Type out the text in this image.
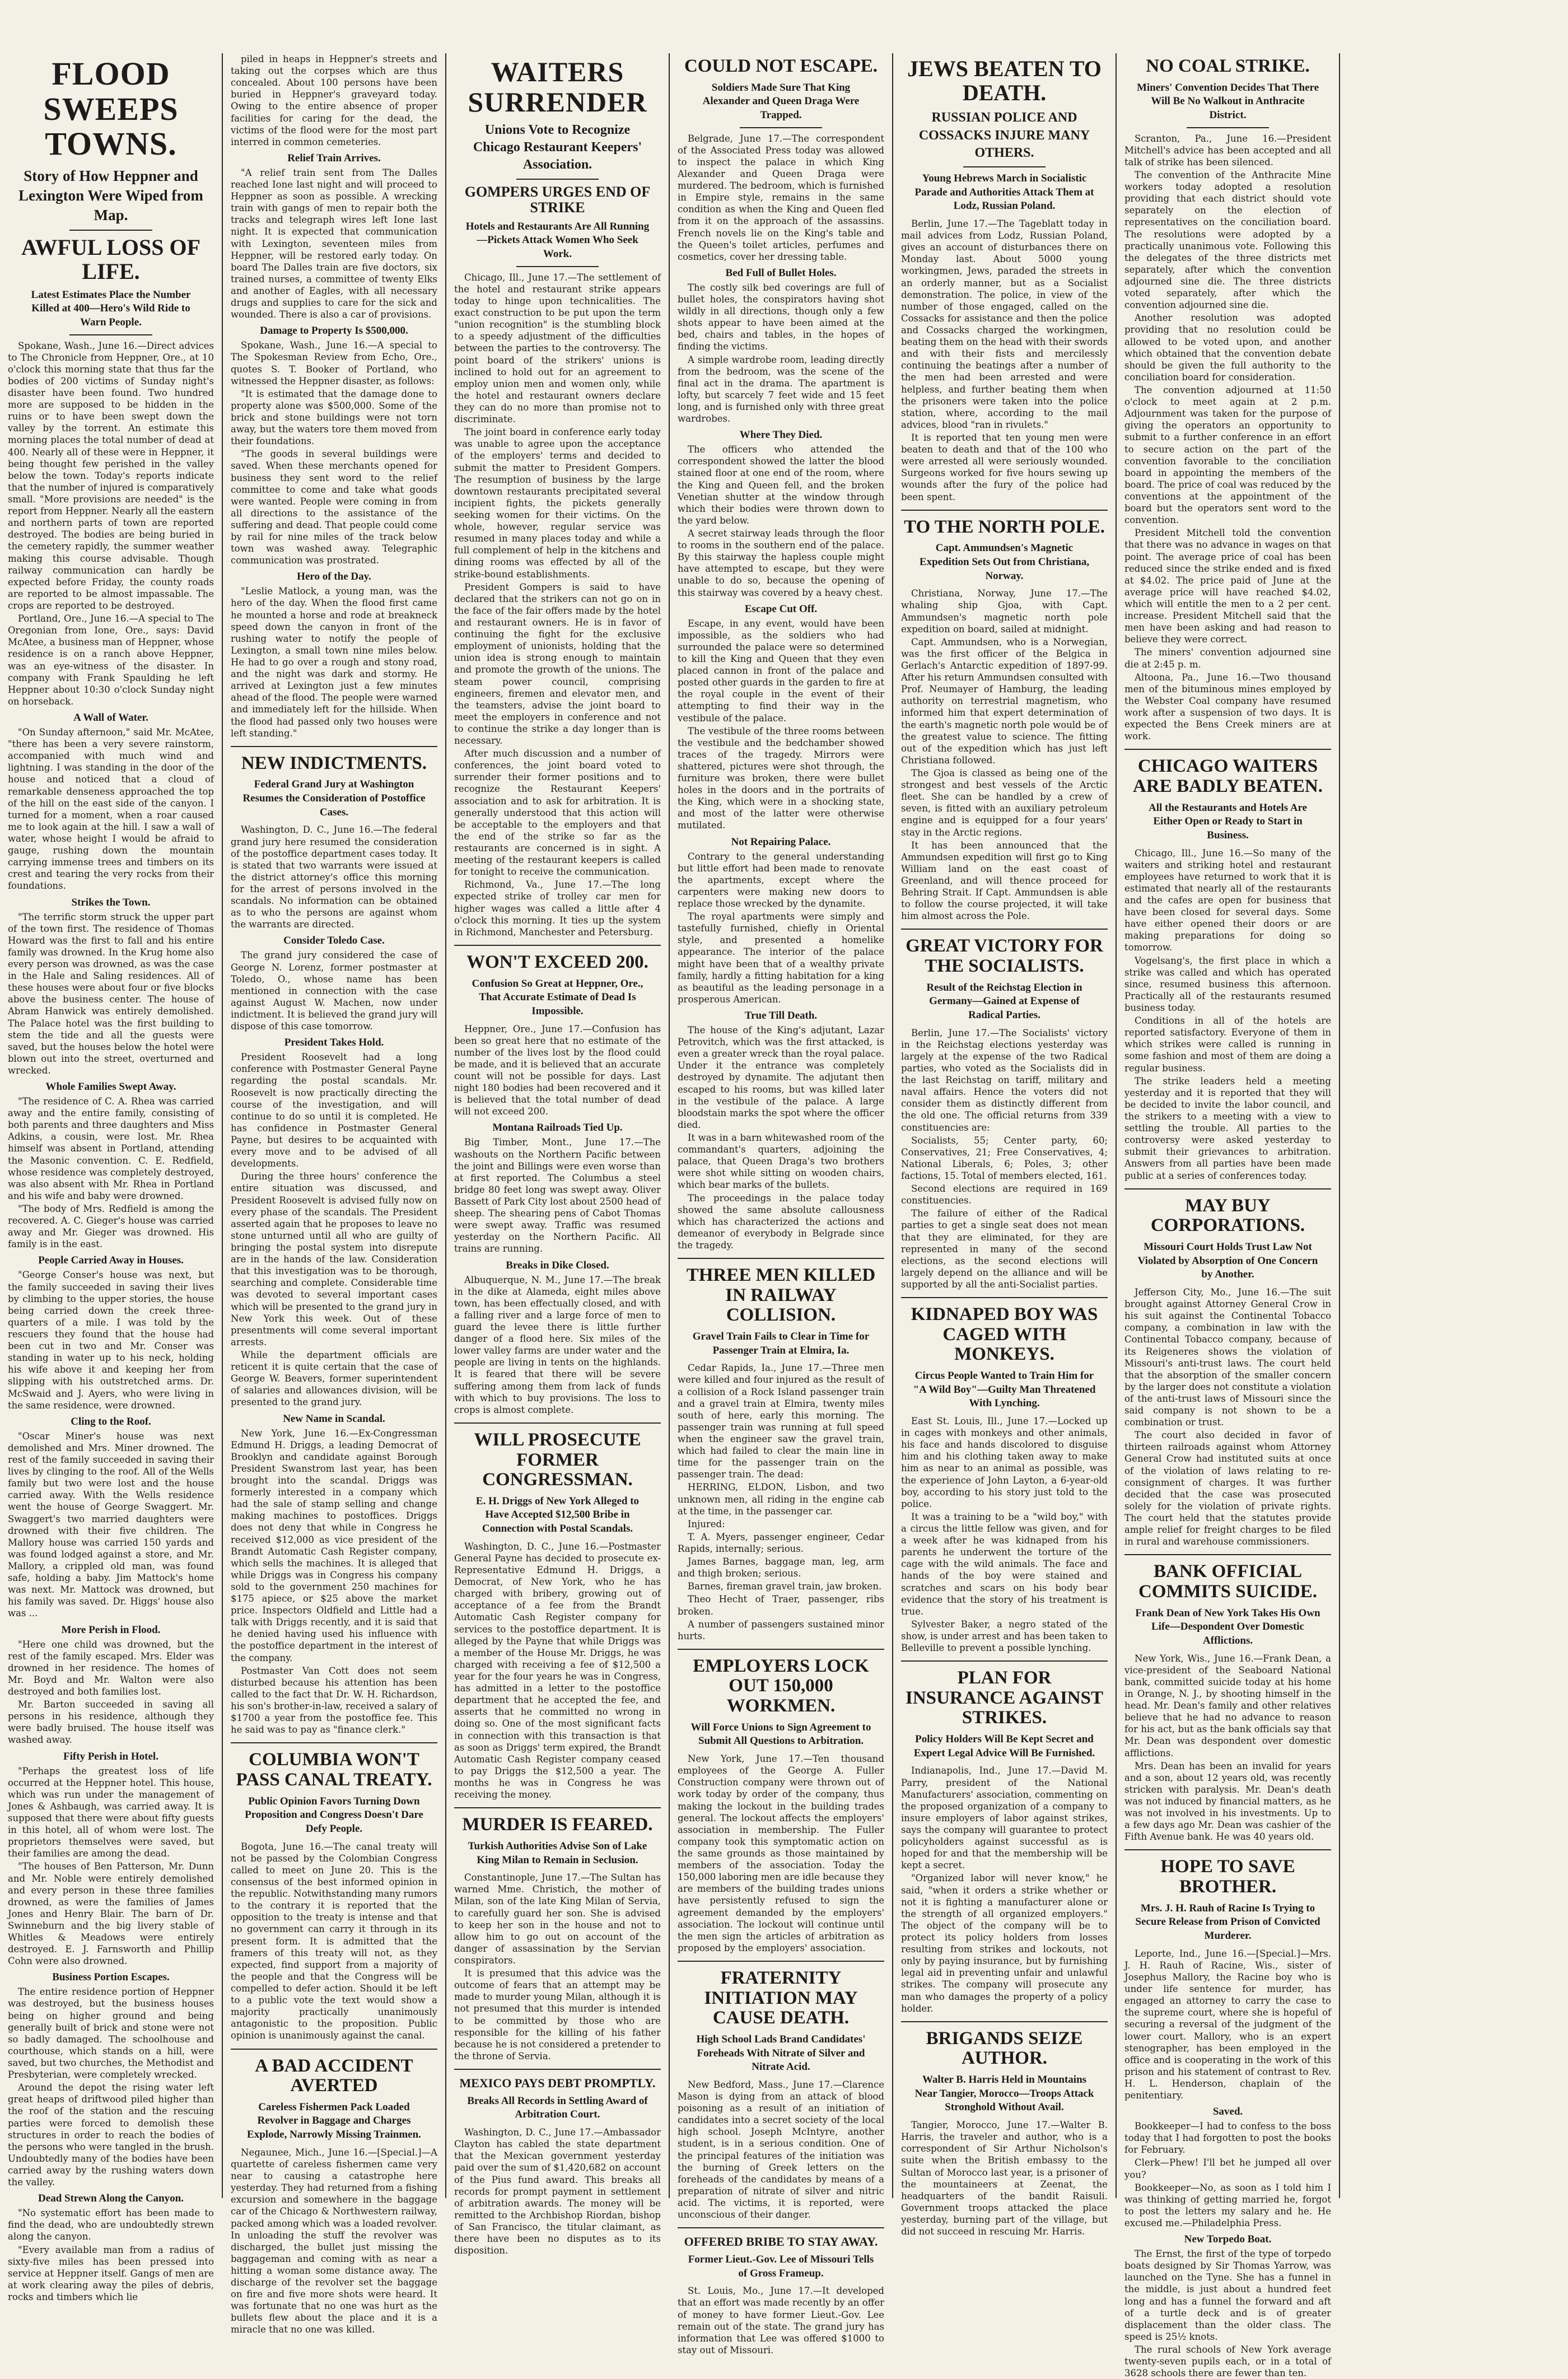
FLOOD SWEEPS TOWNS.
Story of How Heppner and Lexington Were Wiped from Map.
AWFUL LOSS OF LIFE.
Latest Estimates Place the Number Killed at 400—Hero's Wild Ride to Warn People.

Spokane, Wash., June 16.—Direct advices to The Chronicle from Heppner, Ore., at 10 o'clock this morning state that thus far the bodies of 200 victims of Sunday night's disaster have been found. Two hundred more are supposed to be hidden in the ruins or to have been swept down the valley by the torrent. An estimate this morning places the total number of dead at 400. Nearly all of these were in Heppner, it being thought few perished in the valley below the town. Today's reports indicate that the number of injured is comparatively small. "More provisions are needed" is the report from Heppner. Nearly all the eastern and northern parts of town are reported destroyed. The bodies are being buried in the cemetery rapidly, the summer weather making this course advisable. Though railway communication can hardly be expected before Friday, the county roads are reported to be almost impassable. The crops are reported to be destroyed.

Portland, Ore., June 16.—A special to The Oregonian from Ione, Ore., says: David McAtee, a business man of Heppner, whose residence is on a ranch above Heppner, was an eye-witness of the disaster. In company with Frank Spaulding he left Heppner about 10:30 o'clock Sunday night on horseback.

A Wall of Water.

"On Sunday afternoon," said Mr. McAtee, "there has been a very severe rainstorm, accompanied with much wind and lightning. I was standing in the door of the house and noticed that a cloud of remarkable denseness approached the top of the hill on the east side of the canyon. I turned for a moment, when a roar caused me to look again at the hill. I saw a wall of water, whose height I would be afraid to gauge, rushing down the mountain carrying immense trees and timbers on its crest and tearing the very rocks from their foundations.

Strikes the Town.

"The terrific storm struck the upper part of the town first. The residence of Thomas Howard was the first to fall and his entire family was drowned. In the Krug home also every person was drowned, as was the case in the Hale and Saling residences. All of these houses were about four or five blocks above the business center. The house of Abram Hanwick was entirely demolished. The Palace hotel was the first building to stem the tide and all the guests were saved, but the houses below the hotel were blown out into the street, overturned and wrecked.

Whole Families Swept Away.

"The residence of C. A. Rhea was carried away and the entire family, consisting of both parents and three daughters and Miss Adkins, a cousin, were lost. Mr. Rhea himself was absent in Portland, attending the Masonic convention. C. E. Redfield, whose residence was completely destroyed, was also absent with Mr. Rhea in Portland and his wife and baby were drowned.

"The body of Mrs. Redfield is among the recovered. A. C. Gieger's house was carried away and Mr. Gieger was drowned. His family is in the east.

People Carried Away in Houses.

"George Conser's house was next, but the family succeeded in saving their lives by climbing to the upper stories, the house being carried down the creek three-quarters of a mile. I was told by the rescuers they found that the house had been cut in two and Mr. Conser was standing in water up to his neck, holding his wife above it and keeping her from slipping with his outstretched arms. Dr. McSwaid and J. Ayers, who were living in the same residence, were drowned.

Cling to the Roof.

"Oscar Miner's house was next demolished and Mrs. Miner drowned. The rest of the family succeeded in saving their lives by clinging to the roof. All of the Wells family but two were lost and the house carried away. With the Wells residence went the house of George Swaggert. Mr. Swaggert's two married daughters were drowned with their five children. The Mallory house was carried 150 yards and was found lodged against a store, and Mr. Mallory, a crippled old man, was found safe, holding a baby. Jim Mattock's home was next. Mr. Mattock was drowned, but his family was saved. Dr. Higgs' house also was ...

More Perish in Flood.

"Here one child was drowned, but the rest of the family escaped. Mrs. Elder was drowned in her residence. The homes of Mr. Boyd and Mr. Walton were also destroyed and both families lost.

Mr. Barton succeeded in saving all persons in his residence, although they were badly bruised. The house itself was washed away.

Fifty Perish in Hotel.

"Perhaps the greatest loss of life occurred at the Heppner hotel. This house, which was run under the management of Jones & Ashbaugh, was carried away. It is supposed that there were about fifty guests in this hotel, all of whom were lost. The proprietors themselves were saved, but their families are among the dead.

"The houses of Ben Patterson, Mr. Dunn and Mr. Noble were entirely demolished and every person in these three families drowned, as were the families of James Jones and Henry Blair. The barn of Dr. Swinneburn and the big livery stable of Whitles & Meadows were entirely destroyed. E. J. Farnsworth and Phillip Cohn were also drowned.

Business Portion Escapes.

The entire residence portion of Heppner was destroyed, but the business houses being on higher ground and being generally built of brick and stone were not so badly damaged. The schoolhouse and courthouse, which stands on a hill, were saved, but two churches, the Methodist and Presbyterian, were completely wrecked.

Around the depot the rising water left great heaps of driftwood piled higher than the roof of the station and the rescuing parties were forced to demolish these structures in order to reach the bodies of the persons who were tangled in the brush. Undoubtedly many of the bodies have been carried away by the rushing waters down the valley.

Dead Strewn Along the Canyon.

"No systematic effort has been made to find the dead, who are undoubtedly strewn along the canyon.

"Every available man from a radius of sixty-five miles has been pressed into service at Heppner itself. Gangs of men are at work clearing away the piles of debris, rocks and timbers which lie

piled in heaps in Heppner's streets and taking out the corpses which are thus concealed. About 100 persons have been buried in Heppner's graveyard today. Owing to the entire absence of proper facilities for caring for the dead, the victims of the flood were for the most part interred in common cemeteries.

Relief Train Arrives.

"A relief train sent from The Dalles reached Ione last night and will proceed to Heppner as soon as possible. A wrecking train with gangs of men to repair both the tracks and telegraph wires left Ione last night. It is expected that communication with Lexington, seventeen miles from Heppner, will be restored early today. On board The Dalles train are five doctors, six trained nurses, a committee of twenty Elks and another of Eagles, with all necessary drugs and supplies to care for the sick and wounded. There is also a car of provisions.

Damage to Property Is $500,000.

Spokane, Wash., June 16.—A special to The Spokesman Review from Echo, Ore., quotes S. T. Booker of Portland, who witnessed the Heppner disaster, as follows:

"It is estimated that the damage done to property alone was $500,000. Some of the brick and stone buildings were not torn away, but the waters tore them moved from their foundations.

"The goods in several buildings were saved. When these merchants opened for business they sent word to the relief committee to come and take what goods were wanted. People were coming in from all directions to the assistance of the suffering and dead. That people could come by rail for nine miles of the track below town was washed away. Telegraphic communication was prostrated.

Hero of the Day.

"Leslie Matlock, a young man, was the hero of the day. When the flood first came he mounted a horse and rode at breakneck speed down the canyon in front of the rushing water to notify the people of Lexington, a small town nine miles below. He had to go over a rough and stony road, and the night was dark and stormy. He arrived at Lexington just a few minutes ahead of the flood. The people were warned and immediately left for the hillside. When the flood had passed only two houses were left standing."

NEW INDICTMENTS.
Federal Grand Jury at Washington Resumes the Consideration of Postoffice Cases.

Washington, D. C., June 16.—The federal grand jury here resumed the consideration of the postoffice department cases today. It is stated that two warrants were issued at the district attorney's office this morning for the arrest of persons involved in the scandals. No information can be obtained as to who the persons are against whom the warrants are directed.

Consider Toledo Case.

The grand jury considered the case of George N. Lorenz, former postmaster at Toledo, O., whose name has been mentioned in connection with the case against August W. Machen, now under indictment. It is believed the grand jury will dispose of this case tomorrow.

President Takes Hold.

President Roosevelt had a long conference with Postmaster General Payne regarding the postal scandals. Mr. Roosevelt is now practically directing the course of the investigation, and will continue to do so until it is completed. He has confidence in Postmaster General Payne, but desires to be acquainted with every move and to be advised of all developments.

During the three hours' conference the entire situation was discussed, and President Roosevelt is advised fully now on every phase of the scandals. The President asserted again that he proposes to leave no stone unturned until all who are guilty of bringing the postal system into disrepute are in the hands of the law. Consideration that this investigation was to be thorough, searching and complete. Considerable time was devoted to several important cases which will be presented to the grand jury in New York this week. Out of these presentments will come several important arrests.

While the department officials are reticent it is quite certain that the case of George W. Beavers, former superintendent of salaries and allowances division, will be presented to the grand jury.

New Name in Scandal.

New York, June 16.—Ex-Congressman Edmund H. Driggs, a leading Democrat of Brooklyn and candidate against Borough President Swanstrom last year, has been brought into the scandal. Driggs was formerly interested in a company which had the sale of stamp selling and change making machines to postoffices. Driggs does not deny that while in Congress he received $12,000 as vice president of the Brandt Automatic Cash Register company, which sells the machines. It is alleged that while Driggs was in Congress his company sold to the government 250 machines for $175 apiece, or $25 above the market price. Inspectors Oldfield and Little had a talk with Driggs recently, and it is said that he denied having used his influence with the postoffice department in the interest of the company.

Postmaster Van Cott does not seem disturbed because his attention has been called to the fact that Dr. W. H. Richardson, his son's brother-in-law, received a salary of $1700 a year from the postoffice fee. This he said was to pay as "finance clerk."

COLUMBIA WON'T PASS CANAL TREATY.
Public Opinion Favors Turning Down Proposition and Congress Doesn't Dare Defy People.

Bogota, June 16.—The canal treaty will not be passed by the Colombian Congress called to meet on June 20. This is the consensus of the best informed opinion in the republic. Notwithstanding many rumors to the contrary it is reported that the opposition to the treaty is intense and that no government can carry it through in its present form. It is admitted that the framers of this treaty will not, as they expected, find support from a majority of the people and that the Congress will be compelled to defer action. Should it be left to a public vote the text would show a majority practically unanimously antagonistic to the proposition. Public opinion is unanimously against the canal.

A BAD ACCIDENT AVERTED
Careless Fishermen Pack Loaded Revolver in Baggage and Charges Explode, Narrowly Missing Trainmen.

Negaunee, Mich., June 16.—[Special.]—A quartette of careless fishermen came very near to causing a catastrophe here yesterday. They had returned from a fishing excursion and somewhere in the baggage car of the Chicago & Northwestern railway, packed among which was a loaded revolver. In unloading the stuff the revolver was discharged, the bullet just missing the baggageman and coming with as near a hitting a woman some distance away. The discharge of the revolver set the baggage on fire and five more shots were heard. It was fortunate that no one was hurt as the bullets flew about the place and it is a miracle that no one was killed.

WAITERS SURRENDER
Unions Vote to Recognize Chicago Restaurant Keepers' Association.
GOMPERS URGES END OF STRIKE
Hotels and Restaurants Are All Running—Pickets Attack Women Who Seek Work.

Chicago, Ill., June 17.—The settlement of the hotel and restaurant strike appears today to hinge upon technicalities. The exact construction to be put upon the term "union recognition" is the stumbling block to a speedy adjustment of the difficulties between the parties to the controversy. The point board of the strikers' unions is inclined to hold out for an agreement to employ union men and women only, while the hotel and restaurant owners declare they can do no more than promise not to discriminate.

The joint board in conference early today was unable to agree upon the acceptance of the employers' terms and decided to submit the matter to President Gompers. The resumption of business by the large downtown restaurants precipitated several incipient fights, the pickets generally seeking women for their victims. On the whole, however, regular service was resumed in many places today and while a full complement of help in the kitchens and dining rooms was effected by all of the strike-bound establishments.

President Gompers is said to have declared that the strikers can not go on in the face of the fair offers made by the hotel and restaurant owners. He is in favor of continuing the fight for the exclusive employment of unionists, holding that the union idea is strong enough to maintain and promote the growth of the unions. The steam power council, comprising engineers, firemen and elevator men, and the teamsters, advise the joint board to meet the employers in conference and not to continue the strike a day longer than is necessary.

After much discussion and a number of conferences, the joint board voted to surrender their former positions and to recognize the Restaurant Keepers' association and to ask for arbitration. It is generally understood that this action will be acceptable to the employers and that the end of the strike so far as the restaurants are concerned is in sight. A meeting of the restaurant keepers is called for tonight to receive the communication.

Richmond, Va., June 17.—The long expected strike of trolley car men for higher wages was called a little after 4 o'clock this morning. It ties up the system in Richmond, Manchester and Petersburg.

WON'T EXCEED 200.
Confusion So Great at Heppner, Ore., That Accurate Estimate of Dead Is Impossible.

Heppner, Ore., June 17.—Confusion has been so great here that no estimate of the number of the lives lost by the flood could be made, and it is believed that an accurate count will not be possible for days. Last night 180 bodies had been recovered and it is believed that the total number of dead will not exceed 200.

Montana Railroads Tied Up.

Big Timber, Mont., June 17.—The washouts on the Northern Pacific between the joint and Billings were even worse than at first reported. The Columbus a steel bridge 80 feet long was swept away. Oliver Bassett of Park City lost about 2500 head of sheep. The shearing pens of Cabot Thomas were swept away. Traffic was resumed yesterday on the Northern Pacific. All trains are running.

Breaks in Dike Closed.

Albuquerque, N. M., June 17.—The break in the dike at Alameda, eight miles above town, has been effectually closed, and with a falling river and a large force of men to guard the levee there is little further danger of a flood here. Six miles of the lower valley farms are under water and the people are living in tents on the highlands. It is feared that there will be severe suffering among them from lack of funds with which to buy provisions. The loss to crops is almost complete.

WILL PROSECUTE FORMER CONGRESSMAN.
E. H. Driggs of New York Alleged to Have Accepted $12,500 Bribe in Connection with Postal Scandals.

Washington, D. C., June 16.—Postmaster General Payne has decided to prosecute ex-Representative Edmund H. Driggs, a Democrat, of New York, who he has charged with bribery, growing out of acceptance of a fee from the Brandt Automatic Cash Register company for services to the postoffice department. It is alleged by the Payne that while Driggs was a member of the House Mr. Driggs, he was charged with receiving a fee of $12,500 a year for the four years he was in Congress, has admitted in a letter to the postoffice department that he accepted the fee, and asserts that he committed no wrong in doing so. One of the most significant facts in connection with this transaction is that as soon as Driggs' term expired, the Brandt Automatic Cash Register company ceased to pay Driggs the $12,500 a year. The months he was in Congress he was receiving the money.

MURDER IS FEARED.
Turkish Authorities Advise Son of Lake King Milan to Remain in Seclusion.

Constantinople, June 17.—The Sultan has warned Mme. Christich, the mother of Milan, son of the late King Milan of Servia, to carefully guard her son. She is advised to keep her son in the house and not to allow him to go out on account of the danger of assassination by the Servian conspirators.

It is presumed that this advice was the outcome of fears that an attempt may be made to murder young Milan, although it is not presumed that this murder is intended to be committed by those who are responsible for the killing of his father because he is not considered a pretender to the throne of Servia.

MEXICO PAYS DEBT PROMPTLY.
Breaks All Records in Settling Award of Arbitration Court.

Washington, D. C., June 17.—Ambassador Clayton has cabled the state department that the Mexican government yesterday paid over the sum of $1,420,682 on account of the Pius fund award. This breaks all records for prompt payment in settlement of arbitration awards. The money will be remitted to the Archbishop Riordan, bishop of San Francisco, the titular claimant, as there have been no disputes as to its disposition.

COULD NOT ESCAPE.
Soldiers Made Sure That King Alexander and Queen Draga Were Trapped.

Belgrade, June 17.—The correspondent of the Associated Press today was allowed to inspect the palace in which King Alexander and Queen Draga were murdered. The bedroom, which is furnished in Empire style, remains in the same condition as when the King and Queen fled from it on the approach of the assassins. French novels lie on the King's table and the Queen's toilet articles, perfumes and cosmetics, cover her dressing table.

Bed Full of Bullet Holes.

The costly silk bed coverings are full of bullet holes, the conspirators having shot wildly in all directions, though only a few shots appear to have been aimed at the bed, chairs and tables, in the hopes of finding the victims.

A simple wardrobe room, leading directly from the bedroom, was the scene of the final act in the drama. The apartment is lofty, but scarcely 7 feet wide and 15 feet long, and is furnished only with three great wardrobes.

Where They Died.

The officers who attended the correspondent showed the latter the blood stained floor at one end of the room, where the King and Queen fell, and the broken Venetian shutter at the window through which their bodies were thrown down to the yard below.

A secret stairway leads through the floor to rooms in the southern end of the palace. By this stairway the hapless couple might have attempted to escape, but they were unable to do so, because the opening of this stairway was covered by a heavy chest.

Escape Cut Off.

Escape, in any event, would have been impossible, as the soldiers who had surrounded the palace were so determined to kill the King and Queen that they even placed cannon in front of the palace and posted other guards in the garden to fire at the royal couple in the event of their attempting to find their way in the vestibule of the palace.

The vestibule of the three rooms between the vestibule and the bedchamber showed traces of the tragedy. Mirrors were shattered, pictures were shot through, the furniture was broken, there were bullet holes in the doors and in the portraits of the King, which were in a shocking state, and most of the latter were otherwise mutilated.

Not Repairing Palace.

Contrary to the general understanding but little effort had been made to renovate the apartments, except where the carpenters were making new doors to replace those wrecked by the dynamite.

The royal apartments were simply and tastefully furnished, chiefly in Oriental style, and presented a homelike appearance. The interior of the palace might have been that of a wealthy private family, hardly a fitting habitation for a king as beautiful as the leading personage in a prosperous American.

True Till Death.

The house of the King's adjutant, Lazar Petrovitch, which was the first attacked, is even a greater wreck than the royal palace. Under it the entrance was completely destroyed by dynamite. The adjutant then escaped to his rooms, but was killed later in the vestibule of the palace. A large bloodstain marks the spot where the officer died.

It was in a barn whitewashed room of the commandant's quarters, adjoining the palace, that Queen Draga's two brothers were shot while sitting on wooden chairs, which bear marks of the bullets.

The proceedings in the palace today showed the same absolute callousness which has characterized the actions and demeanor of everybody in Belgrade since the tragedy.

THREE MEN KILLED IN RAILWAY COLLISION.
Gravel Train Fails to Clear in Time for Passenger Train at Elmira, Ia.

Cedar Rapids, Ia., June 17.—Three men were killed and four injured as the result of a collision of a Rock Island passenger train and a gravel train at Elmira, twenty miles south of here, early this morning. The passenger train was running at full speed when the engineer saw the gravel train, which had failed to clear the main line in time for the passenger train on the passenger train. The dead:

HERRING, ELDON, Lisbon, and two unknown men, all riding in the engine cab at the time, in the passenger car.

Injured:

T. A. Myers, passenger engineer, Cedar Rapids, internally; serious.

James Barnes, baggage man, leg, arm and thigh broken; serious.

Barnes, fireman gravel train, jaw broken.

Theo Hecht of Traer, passenger, ribs broken.

A number of passengers sustained minor hurts.

EMPLOYERS LOCK OUT 150,000 WORKMEN.
Will Force Unions to Sign Agreement to Submit All Questions to Arbitration.

New York, June 17.—Ten thousand employees of the George A. Fuller Construction company were thrown out of work today by order of the company, thus making the lockout in the building trades general. The lockout affects the employers' association in membership. The Fuller company took this symptomatic action on the same grounds as those maintained by members of the association. Today the 150,000 laboring men are idle because they are members of the building trades unions have persistently refused to sign the agreement demanded by the employers' association. The lockout will continue until the men sign the articles of arbitration as proposed by the employers' association.

FRATERNITY INITIATION MAY CAUSE DEATH.
High School Lads Brand Candidates' Foreheads With Nitrate of Silver and Nitrate Acid.

New Bedford, Mass., June 17.—Clarence Mason is dying from an attack of blood poisoning as a result of an initiation of candidates into a secret society of the local high school. Joseph McIntyre, another student, is in a serious condition. One of the principal features of the initiation was the burning of Greek letters on the foreheads of the candidates by means of a preparation of nitrate of silver and nitric acid. The victims, it is reported, were unconscious of their danger.

OFFERED BRIBE TO STAY AWAY.
Former Lieut.-Gov. Lee of Missouri Tells of Gross Frameup.

St. Louis, Mo., June 17.—It developed that an effort was made recently by an offer of money to have former Lieut.-Gov. Lee remain out of the state. The grand jury has information that Lee was offered $1000 to stay out of Missouri.

JEWS BEATEN TO DEATH.
RUSSIAN POLICE AND COSSACKS INJURE MANY OTHERS.
Young Hebrews March in Socialistic Parade and Authorities Attack Them at Lodz, Russian Poland.

Berlin, June 17.—The Tageblatt today in mail advices from Lodz, Russian Poland, gives an account of disturbances there on Monday last. About 5000 young workingmen, Jews, paraded the streets in an orderly manner, but as a Socialist demonstration. The police, in view of the number of those engaged, called on the Cossacks for assistance and then the police and Cossacks charged the workingmen, beating them on the head with their swords and with their fists and mercilessly continuing the beatings after a number of the men had been arrested and were helpless, and further beating them when the prisoners were taken into the police station, where, according to the mail advices, blood "ran in rivulets."

It is reported that ten young men were beaten to death and that of the 100 who were arrested all were seriously wounded. Surgeons worked for five hours sewing up wounds after the fury of the police had been spent.

TO THE NORTH POLE.
Capt. Ammundsen's Magnetic Expedition Sets Out from Christiana, Norway.

Christiana, Norway, June 17.—The whaling ship Gjoa, with Capt. Ammundsen's magnetic north pole expedition on board, sailed at midnight.

Capt. Ammundsen, who is a Norwegian, was the first officer of the Belgica in Gerlach's Antarctic expedition of 1897-99. After his return Ammundsen consulted with Prof. Neumayer of Hamburg, the leading authority on terrestrial magnetism, who informed him that expert determination of the earth's magnetic north pole would be of the greatest value to science. The fitting out of the expedition which has just left Christiana followed.

The Gjoa is classed as being one of the strongest and best vessels of the Arctic fleet. She can be handled by a crew of seven, is fitted with an auxiliary petroleum engine and is equipped for a four years' stay in the Arctic regions.

It has been announced that the Ammundsen expedition will first go to King William land on the east coast of Greenland, and will thence proceed for Behring Strait. If Capt. Ammundsen is able to follow the course projected, it will take him almost across the Pole.

GREAT VICTORY FOR THE SOCIALISTS.
Result of the Reichstag Election in Germany—Gained at Expense of Radical Parties.

Berlin, June 17.—The Socialists' victory in the Reichstag elections yesterday was largely at the expense of the two Radical parties, who voted as the Socialists did in the last Reichstag on tariff, military and naval affairs. Hence the voters did not consider them as distinctly different from the old one. The official returns from 339 constituencies are:

Socialists, 55; Center party, 60; Conservatives, 21; Free Conservatives, 4; National Liberals, 6; Poles, 3; other factions, 15. Total of members elected, 161.

Second elections are required in 169 constituencies.

The failure of either of the Radical parties to get a single seat does not mean that they are eliminated, for they are represented in many of the second elections, as the second elections will largely depend on the alliance and will be supported by all the anti-Socialist parties.

KIDNAPED BOY WAS CAGED WITH MONKEYS.
Circus People Wanted to Train Him for "A Wild Boy"—Guilty Man Threatened With Lynching.

East St. Louis, Ill., June 17.—Locked up in cages with monkeys and other animals, his face and hands discolored to disguise him and his clothing taken away to make him as near to an animal as possible, was the experience of John Layton, a 6-year-old boy, according to his story just told to the police.

It was a training to be a "wild boy," with a circus the little fellow was given, and for a week after he was kidnaped from his parents he underwent the torture of the cage with the wild animals. The face and hands of the boy were stained and scratches and scars on his body bear evidence that the story of his treatment is true.

Sylvester Baker, a negro stated of the show, is under arrest and has been taken to Belleville to prevent a possible lynching.

PLAN FOR INSURANCE AGAINST STRIKES.
Policy Holders Will Be Kept Secret and Expert Legal Advice Will Be Furnished.

Indianapolis, Ind., June 17.—David M. Parry, president of the National Manufacturers' association, commenting on the proposed organization of a company to insure employers of labor against strikes, says the company will guarantee to protect policyholders against successful as is hoped for and that the membership will be kept a secret.

"Organized labor will never know," he said, "when it orders a strike whether or not it is fighting a manufacturer alone or the strength of all organized employers." The object of the company will be to protect its policy holders from losses resulting from strikes and lockouts, not only by paying insurance, but by furnishing legal aid in preventing unfair and unlawful strikes. The company will prosecute any man who damages the property of a policy holder.

BRIGANDS SEIZE AUTHOR.
Walter B. Harris Held in Mountains Near Tangier, Morocco—Troops Attack Stronghold Without Avail.

Tangier, Morocco, June 17.—Walter B. Harris, the traveler and author, who is a correspondent of Sir Arthur Nicholson's suite when the British embassy to the Sultan of Morocco last year, is a prisoner of the mountaineers at Zeenat, the headquarters of the bandit Raisuli. Government troops attacked the place yesterday, burning part of the village, but did not succeed in rescuing Mr. Harris.

NO COAL STRIKE.
Miners' Convention Decides That There Will Be No Walkout in Anthracite District.

Scranton, Pa., June 16.—President Mitchell's advice has been accepted and all talk of strike has been silenced.

The convention of the Anthracite Mine workers today adopted a resolution providing that each district should vote separately on the election of representatives on the conciliation board. The resolutions were adopted by a practically unanimous vote. Following this the delegates of the three districts met separately, after which the convention adjourned sine die. The three districts voted separately, after which the convention adjourned sine die.

Another resolution was adopted providing that no resolution could be allowed to be voted upon, and another which obtained that the convention debate should be given the full authority to the conciliation board for consideration.

The convention adjourned at 11:50 o'clock to meet again at 2 p.m. Adjournment was taken for the purpose of giving the operators an opportunity to submit to a further conference in an effort to secure action on the part of the convention favorable to the conciliation board in appointing the members of the board. The price of coal was reduced by the conventions at the appointment of the board but the operators sent word to the convention.

President Mitchell told the convention that there was no advance in wages on that point. The average price of coal has been reduced since the strike ended and is fixed at $4.02. The price paid of June at the average price will have reached $4.02, which will entitle the men to a 2 per cent. increase. President Mitchell said that the men have been asking and had reason to believe they were correct.

The miners' convention adjourned sine die at 2:45 p. m.

Altoona, Pa., June 16.—Two thousand men of the bituminous mines employed by the Webster Coal company have resumed work after a suspension of two days. It is expected the Bens Creek miners are at work.

CHICAGO WAITERS ARE BADLY BEATEN.
All the Restaurants and Hotels Are Either Open or Ready to Start in Business.

Chicago, Ill., June 16.—So many of the waiters and striking hotel and restaurant employees have returned to work that it is estimated that nearly all of the restaurants and the cafes are open for business that have been closed for several days. Some have either opened their doors or are making preparations for doing so tomorrow.

Vogelsang's, the first place in which a strike was called and which has operated since, resumed business this afternoon. Practically all of the restaurants resumed business today.

Conditions in all of the hotels are reported satisfactory. Everyone of them in which strikes were called is running in some fashion and most of them are doing a regular business.

The strike leaders held a meeting yesterday and it is reported that they will be decided to invite the labor council, and the strikers to a meeting with a view to settling the trouble. All parties to the controversy were asked yesterday to submit their grievances to arbitration. Answers from all parties have been made public at a series of conferences today.

MAY BUY CORPORATIONS.
Missouri Court Holds Trust Law Not Violated by Absorption of One Concern by Another.

Jefferson City, Mo., June 16.—The suit brought against Attorney General Crow in his suit against the Continental Tobacco company, a combination in law with the Continental Tobacco company, because of its Reigeneres shows the violation of Missouri's anti-trust laws. The court held that the absorption of the smaller concern by the larger does not constitute a violation of the anti-trust laws of Missouri since the said company is not shown to be a combination or trust.

The court also decided in favor of thirteen railroads against whom Attorney General Crow had instituted suits at once of the violation of laws relating to re-consignment of charges. It was further decided that the case was prosecuted solely for the violation of private rights. The court held that the statutes provide ample relief for freight charges to be filed in rural and warehouse commissioners.

BANK OFFICIAL COMMITS SUICIDE.
Frank Dean of New York Takes His Own Life—Despondent Over Domestic Afflictions.

New York, Wis., June 16.—Frank Dean, a vice-president of the Seaboard National bank, committed suicide today at his home in Orange, N. J., by shooting himself in the head. Mr. Dean's family and other relatives believe that he had no advance to reason for his act, but as the bank officials say that Mr. Dean was despondent over domestic afflictions.

Mrs. Dean has been an invalid for years and a son, about 12 years old, was recently stricken with paralysis. Mr. Dean's death was not induced by financial matters, as he was not involved in his investments. Up to a few days ago Mr. Dean was cashier of the Fifth Avenue bank. He was 40 years old.

HOPE TO SAVE BROTHER.
Mrs. J. H. Rauh of Racine Is Trying to Secure Release from Prison of Convicted Murderer.

Leporte, Ind., June 16.—[Special.]—Mrs. J. H. Rauh of Racine, Wis., sister of Josephus Mallory, the Racine boy who is under life sentence for murder, has engaged an attorney to carry the case to the supreme court, where she is hopeful of securing a reversal of the judgment of the lower court. Mallory, who is an expert stenographer, has been employed in the office and is cooperating in the work of this prison and his statement of contrast to Rev. H. L. Henderson, chaplain of the penitentiary.

Saved.

Bookkeeper—I had to confess to the boss today that I had forgotten to post the books for February.

Clerk—Phew! I'll bet he jumped all over you?

Bookkeeper—No, as soon as I told him I was thinking of getting married he, forgot to post the letters my salary and he. He excused me.—Philadelphia Press.

New Torpedo Boat.

The Ernst, the first of the type of torpedo boats designed by Sir Thomas Yarrow, was launched on the Tyne. She has a funnel in the middle, is just about a hundred feet long and has a funnel the forward and aft of a turtle deck and is of greater displacement than the older class. The speed is 25½ knots.

The rural schools of New York average twenty-seven pupils each, or in a total of 3628 schools there are fewer than ten.
